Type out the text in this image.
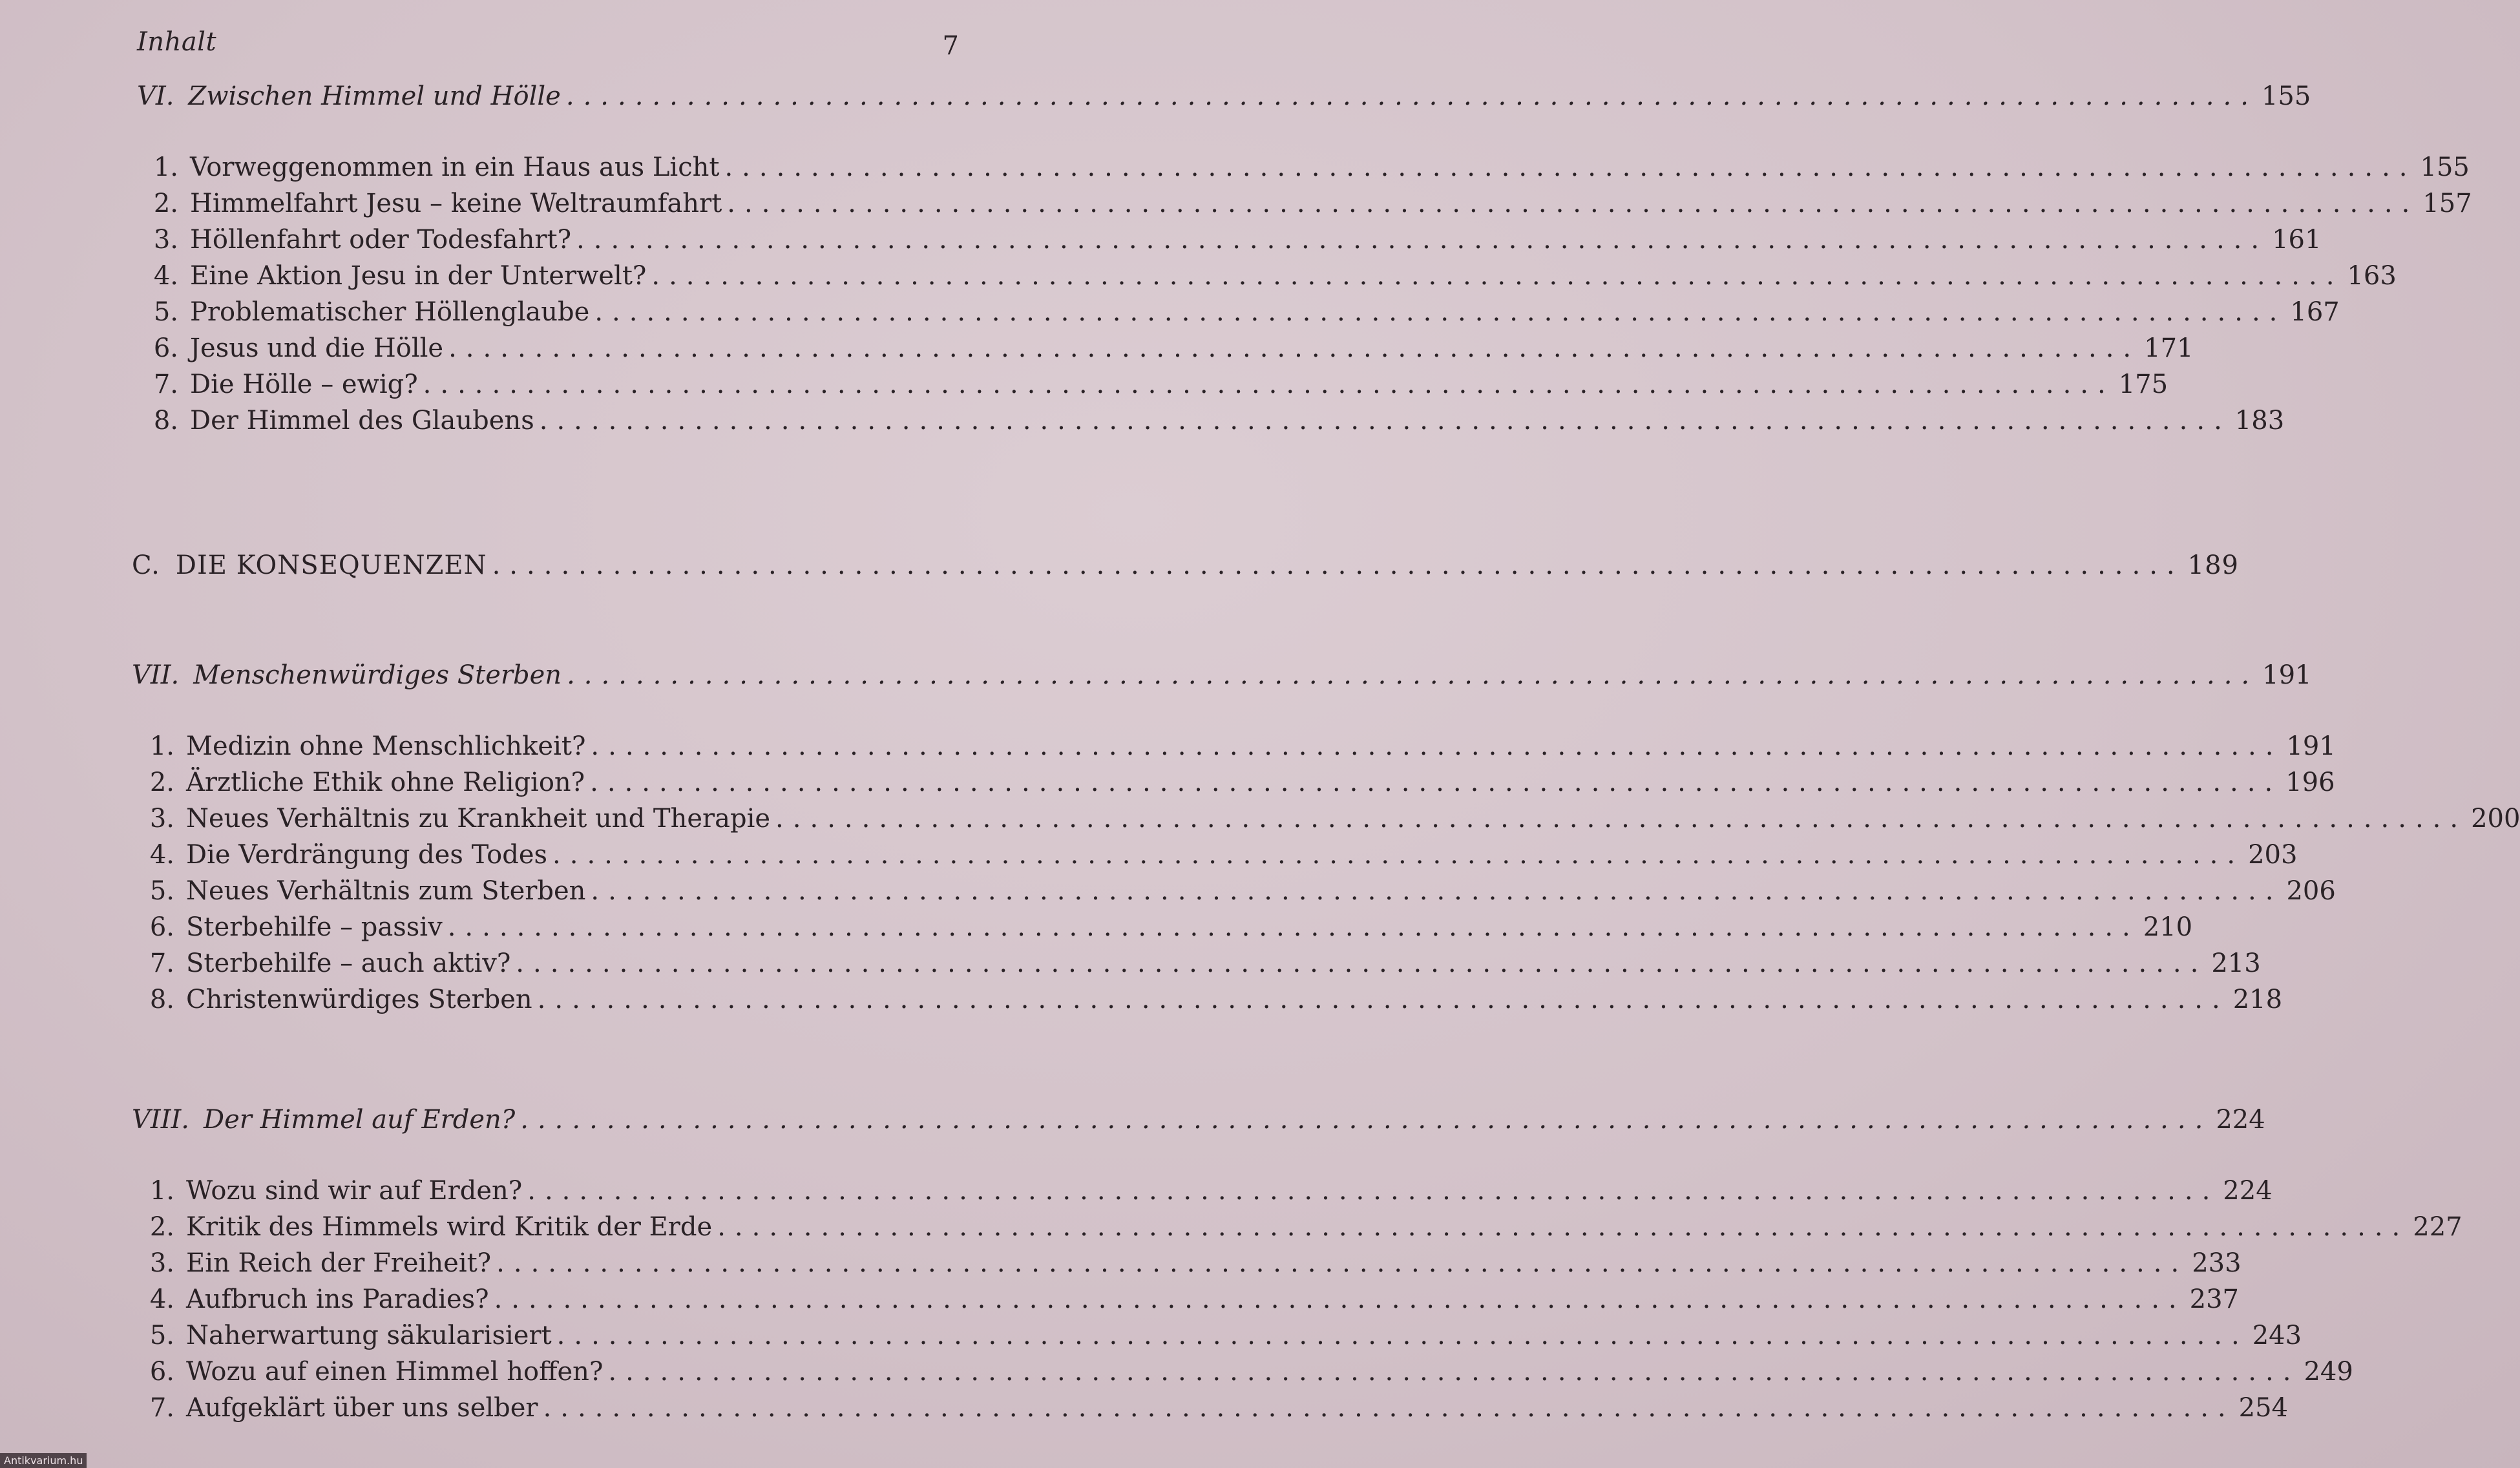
Inhalt	7
VI. Zwischen Himmel und Hölle .................................................................................................. 155
1. Vorweggenommen in ein Haus aus Licht .................................................................................................. 155
2. Himmelfahrt Jesu – keine Weltraumfahrt .................................................................................................. 157
3. Höllenfahrt oder Todesfahrt? .................................................................................................. 161
4. Eine Aktion Jesu in der Unterwelt? .................................................................................................. 163
5. Problematischer Höllenglaube .................................................................................................. 167
6. Jesus und die Hölle .................................................................................................. 171
7. Die Hölle – ewig? .................................................................................................. 175
8. Der Himmel des Glaubens .................................................................................................. 183
C. DIE KONSEQUENZEN .................................................................................................. 189
VII. Menschenwürdiges Sterben .................................................................................................. 191
1. Medizin ohne Menschlichkeit? .................................................................................................. 191
2. Ärztliche Ethik ohne Religion? .................................................................................................. 196
3. Neues Verhältnis zu Krankheit und Therapie .................................................................................................. 200
4. Die Verdrängung des Todes .................................................................................................. 203
5. Neues Verhältnis zum Sterben .................................................................................................. 206
6. Sterbehilfe – passiv .................................................................................................. 210
7. Sterbehilfe – auch aktiv? .................................................................................................. 213
8. Christenwürdiges Sterben .................................................................................................. 218
VIII. Der Himmel auf Erden? .................................................................................................. 224
1. Wozu sind wir auf Erden? .................................................................................................. 224
2. Kritik des Himmels wird Kritik der Erde .................................................................................................. 227
3. Ein Reich der Freiheit? .................................................................................................. 233
4. Aufbruch ins Paradies? .................................................................................................. 237
5. Naherwartung säkularisiert .................................................................................................. 243
6. Wozu auf einen Himmel hoffen? .................................................................................................. 249
7. Aufgeklärt über uns selber .................................................................................................. 254
Antikvarium.hu
